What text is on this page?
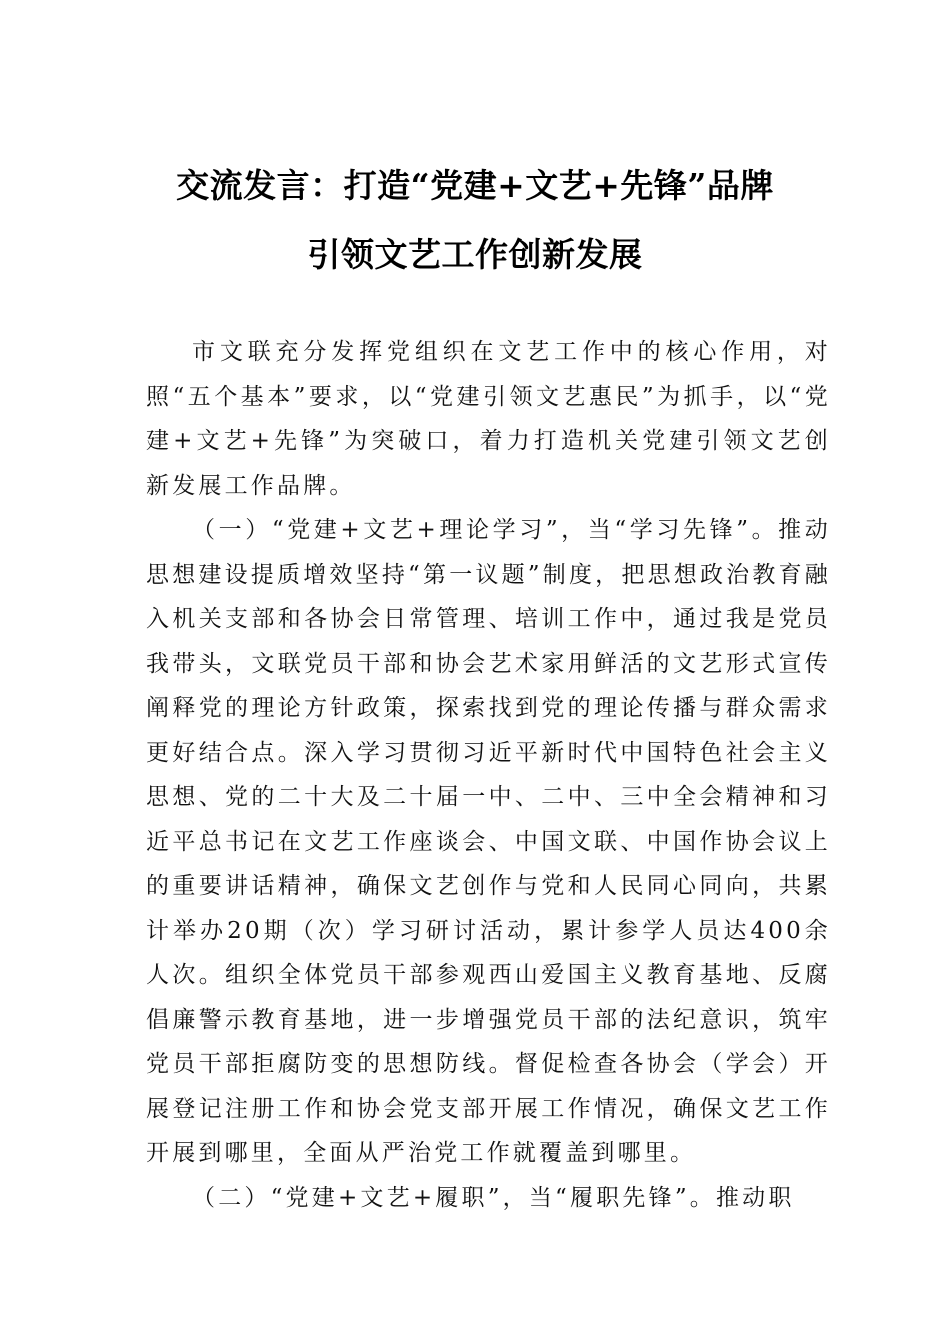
交流发言：打造“党建+文艺+先锋”品牌
引领文艺工作创新发展

市文联充分发挥党组织在文艺工作中的核心作用，对照“五个基本”要求，以“党建引领文艺惠民”为抓手，以“党建+文艺+先锋”为突破口，着力打造机关党建引领文艺创新发展工作品牌。

（一）“党建+文艺+理论学习”，当“学习先锋”。推动思想建设提质增效坚持“第一议题”制度，把思想政治教育融入机关支部和各协会日常管理、培训工作中，通过我是党员我带头，文联党员干部和协会艺术家用鲜活的文艺形式宣传阐释党的理论方针政策，探索找到党的理论传播与群众需求更好结合点。深入学习贯彻习近平新时代中国特色社会主义思想、党的二十大及二十届一中、二中、三中全会精神和习近平总书记在文艺工作座谈会、中国文联、中国作协会议上的重要讲话精神，确保文艺创作与党和人民同心同向，共累计举办20期（次）学习研讨活动，累计参学人员达400余人次。组织全体党员干部参观西山爱国主义教育基地、反腐倡廉警示教育基地，进一步增强党员干部的法纪意识，筑牢党员干部拒腐防变的思想防线。督促检查各协会（学会）开展登记注册工作和协会党支部开展工作情况，确保文艺工作开展到哪里，全面从严治党工作就覆盖到哪里。

（二）“党建+文艺+履职”，当“履职先锋”。推动职
